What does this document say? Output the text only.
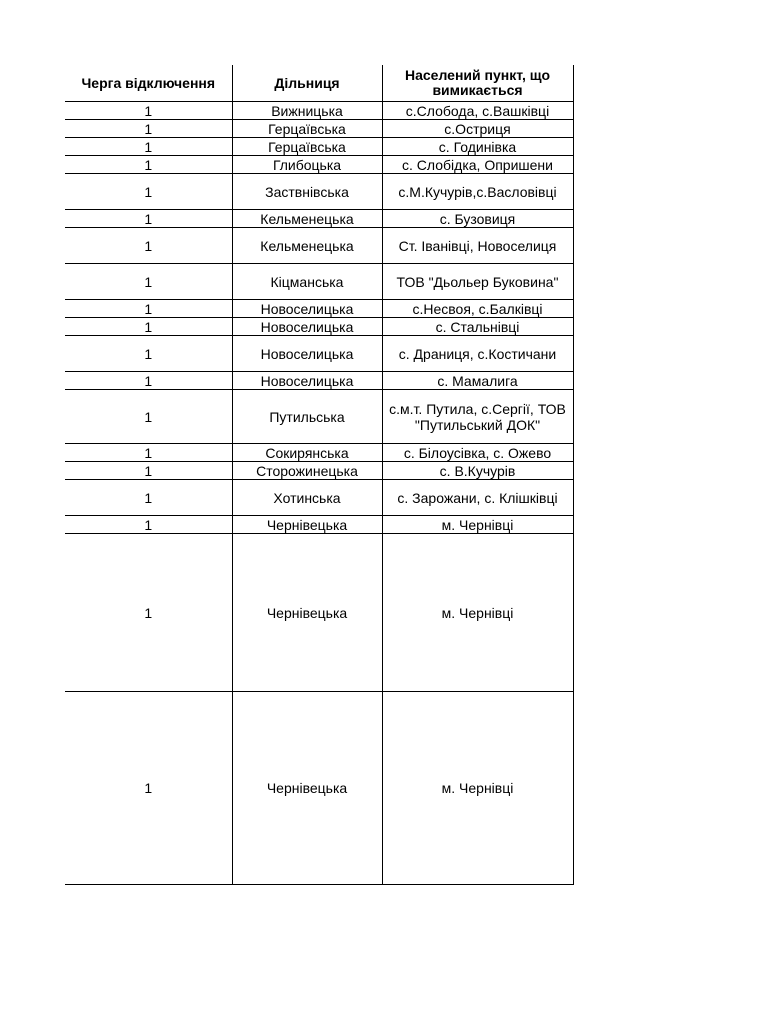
Черга відключення	Дільниця	Населений пункт, що вимикається
1	Вижницька	с.Слобода, с.Вашківці
1	Герцаївська	с.Остриця
1	Герцаївська	с. Годинівка
1	Глибоцька	с. Слобідка, Опришени
1	Заствнівська	с.М.Кучурів,с.Васловівці
1	Кельменецька	с. Бузовиця
1	Кельменецька	Ст. Іванівці, Новоселиця
1	Кіцманська	ТОВ "Дьольер Буковина"
1	Новоселицька	с.Несвоя, с.Балківці
1	Новоселицька	с. Стальнівці
1	Новоселицька	с. Драниця, с.Костичани
1	Новоселицька	с. Мамалига
1	Путильська	с.м.т. Путила, с.Сергії, ТОВ "Путильський ДОК"
1	Сокирянська	с. Білоусівка, с. Ожево
1	Сторожинецька	с. В.Кучурів
1	Хотинська	с. Зарожани, с. Клішківці
1	Чернівецька	м. Чернівці
1	Чернівецька	м. Чернівці
1	Чернівецька	м. Чернівці
